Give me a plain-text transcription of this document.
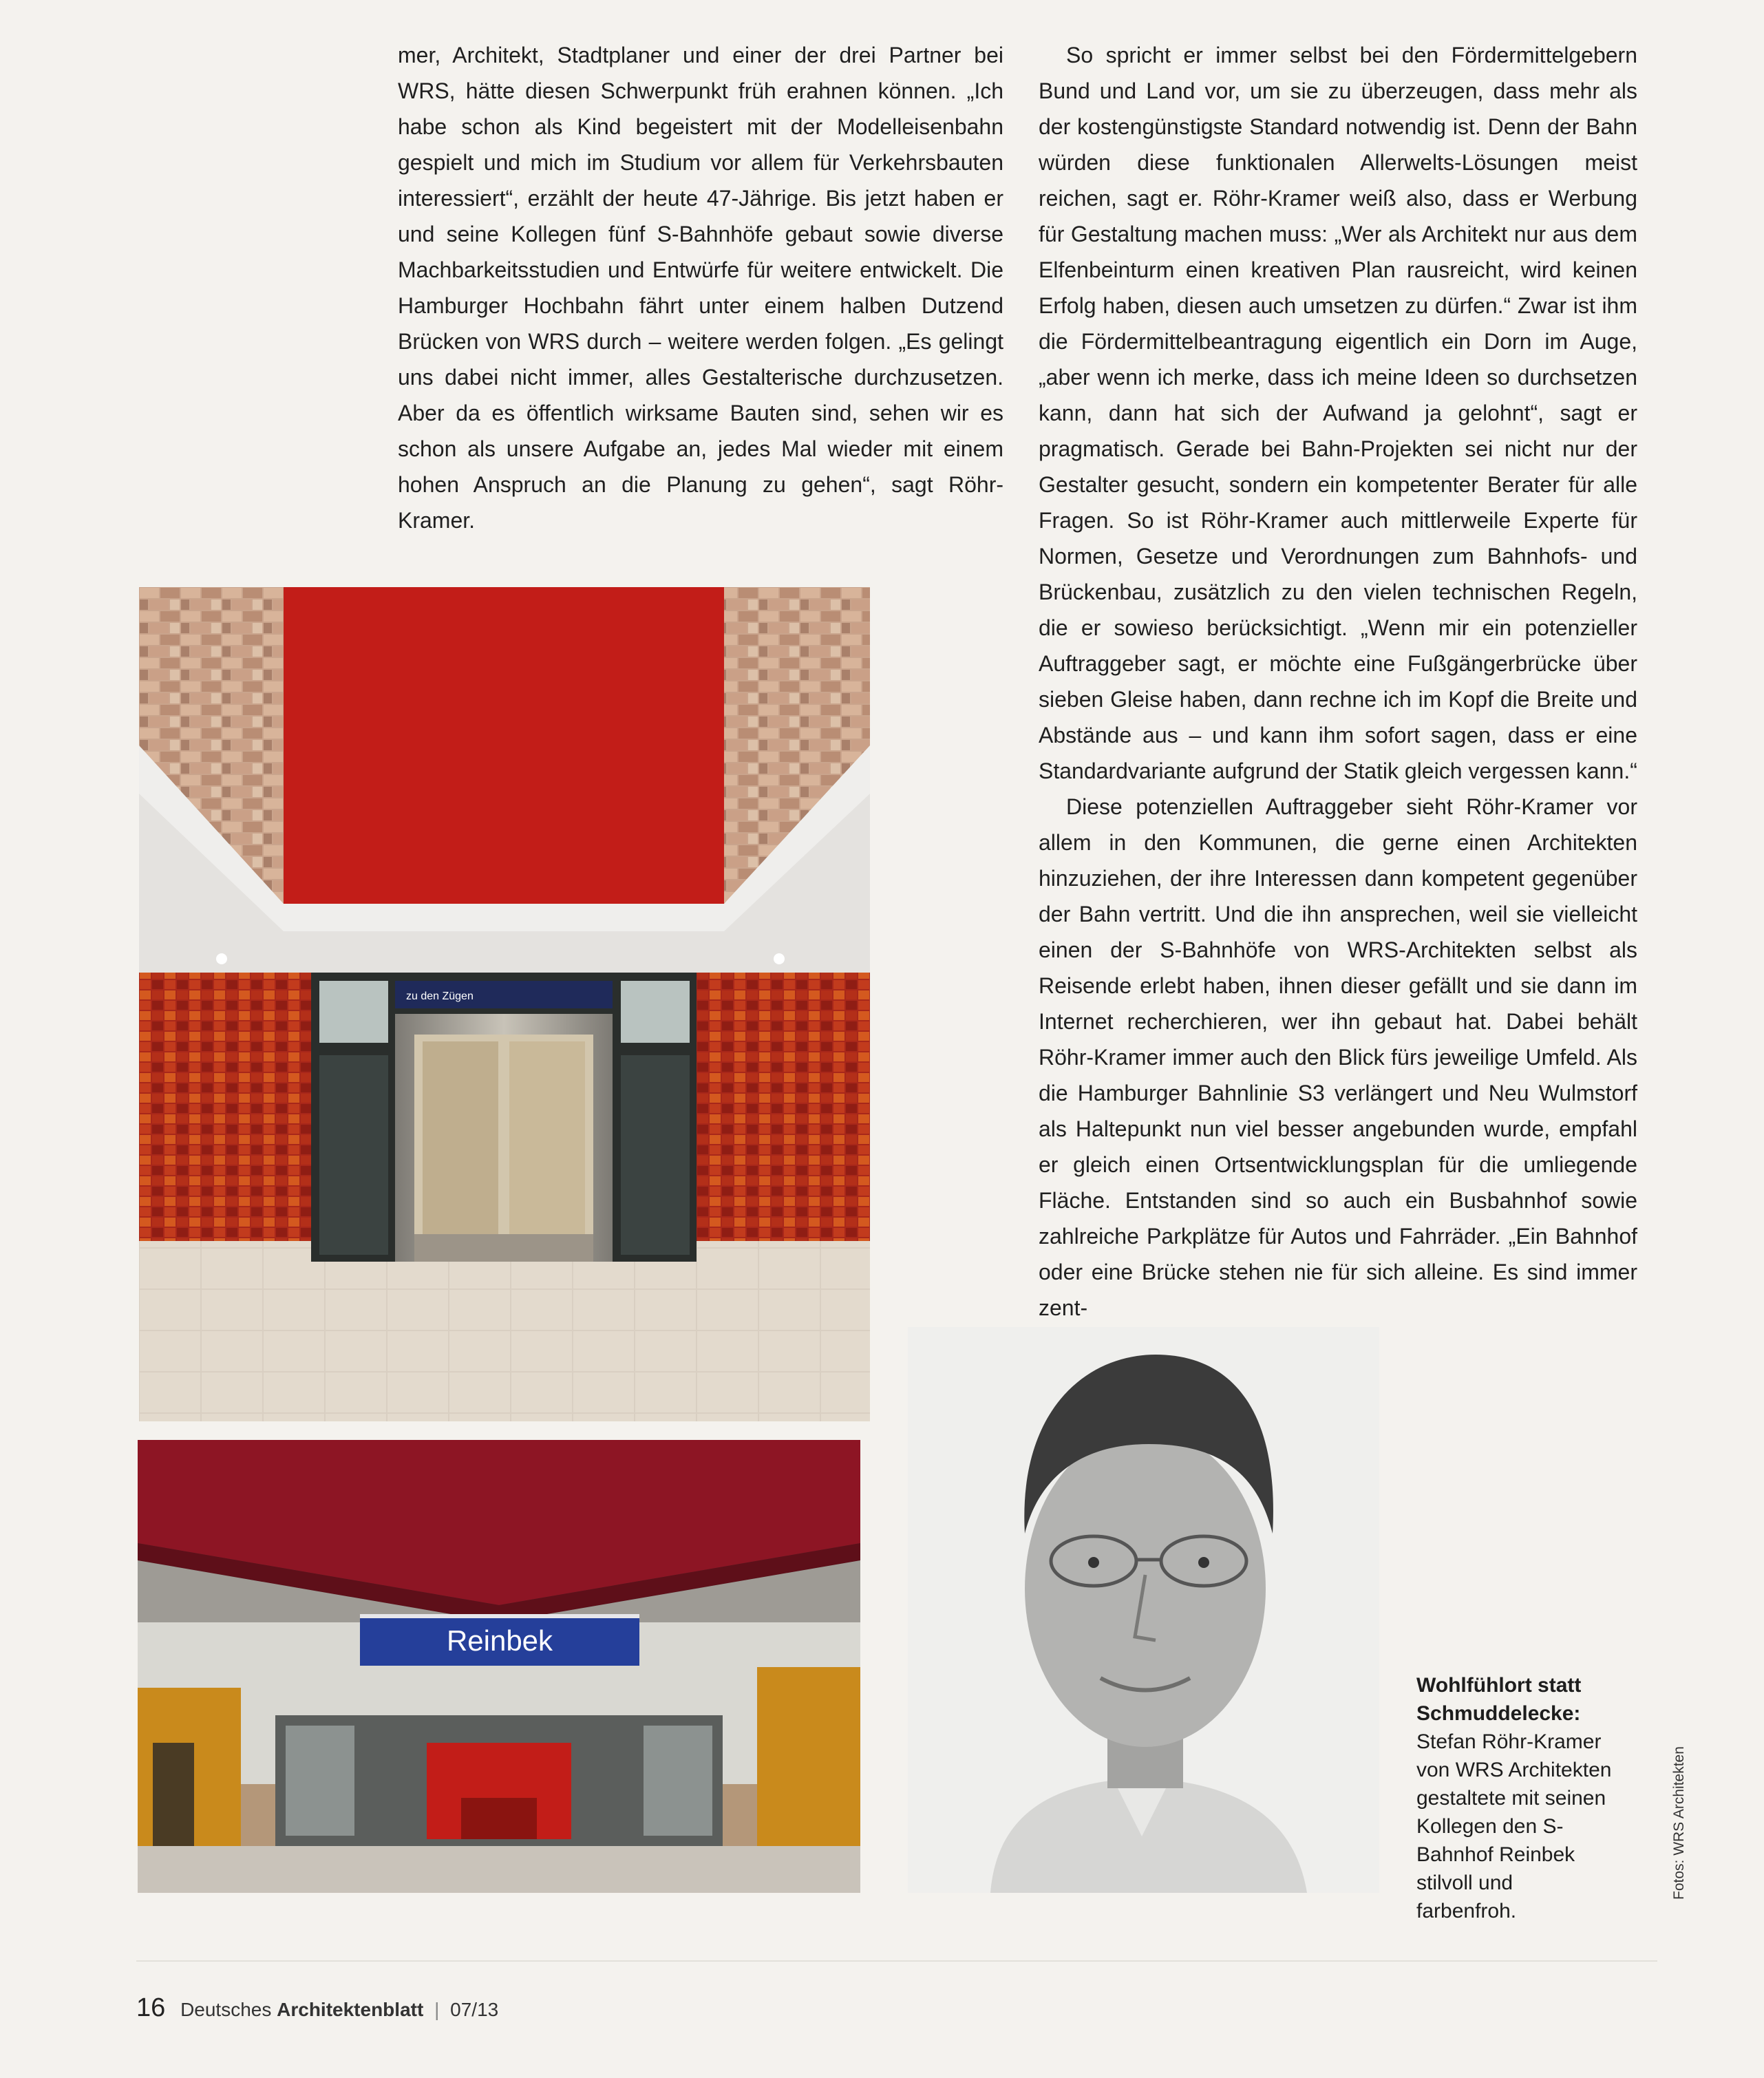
mer, Architekt, Stadtplaner und einer der drei Partner bei WRS, hätte diesen Schwerpunkt früh erahnen können. „Ich habe schon als Kind begeistert mit der Modelleisenbahn gespielt und mich im Studium vor allem für Verkehrsbauten interessiert“, erzählt der heute 47-Jährige. Bis jetzt haben er und seine Kollegen fünf S-Bahnhöfe gebaut sowie diverse Machbarkeitsstudien und Entwürfe für weitere entwickelt. Die Hamburger Hochbahn fährt unter einem halben Dutzend Brücken von WRS durch – weitere werden folgen. „Es gelingt uns dabei nicht immer, alles Gestalterische durchzusetzen. Aber da es öffentlich wirksame Bauten sind, sehen wir es schon als unsere Aufgabe an, jedes Mal wieder mit einem hohen Anspruch an die Planung zu gehen“, sagt Röhr-Kramer.

So spricht er immer selbst bei den Fördermittelgebern Bund und Land vor, um sie zu überzeugen, dass mehr als der kostengünstigste Standard notwendig ist. Denn der Bahn würden diese funktionalen Allerwelts-Lösungen meist reichen, sagt er. Röhr-Kramer weiß also, dass er Werbung für Gestaltung machen muss: „Wer als Architekt nur aus dem Elfenbeinturm einen kreativen Plan rausreicht, wird keinen Erfolg haben, diesen auch umsetzen zu dürfen.“ Zwar ist ihm die Fördermittelbeantragung eigentlich ein Dorn im Auge, „aber wenn ich merke, dass ich meine Ideen so durchsetzen kann, dann hat sich der Aufwand ja gelohnt“, sagt er pragmatisch. Gerade bei Bahn-Projekten sei nicht nur der Gestalter gesucht, sondern ein kompetenter Berater für alle Fragen. So ist Röhr-Kramer auch mittlerweile Experte für Normen, Gesetze und Verordnungen zum Bahnhofs- und Brückenbau, zusätzlich zu den vielen technischen Regeln, die er sowieso berücksichtigt. „Wenn mir ein potenzieller Auftraggeber sagt, er möchte eine Fußgängerbrücke über sieben Gleise haben, dann rechne ich im Kopf die Breite und Abstände aus – und kann ihm sofort sagen, dass er eine Standardvariante aufgrund der Statik gleich vergessen kann.“

Diese potenziellen Auftraggeber sieht Röhr-Kramer vor allem in den Kommunen, die gerne einen Architekten hinzuziehen, der ihre Interessen dann kompetent gegenüber der Bahn vertritt. Und die ihn ansprechen, weil sie vielleicht einen der S-Bahnhöfe von WRS-Architekten selbst als Reisende erlebt haben, ihnen dieser gefällt und sie dann im Internet recherchieren, wer ihn gebaut hat. Dabei behält Röhr-Kramer immer auch den Blick fürs jeweilige Umfeld. Als die Hamburger Bahnlinie S3 verlängert und Neu Wulmstorf als Haltepunkt nun viel besser angebunden wurde, empfahl er gleich einen Ortsentwicklungsplan für die umliegende Fläche. Entstanden sind so auch ein Busbahnhof sowie zahlreiche Parkplätze für Autos und Fahrräder. „Ein Bahnhof oder eine Brücke stehen nie für sich alleine. Es sind immer zent-

zu den Zügen
Reinbek
Wohlfühlort statt Schmuddelecke:
Stefan Röhr-Kramer von WRS Architekten gestaltete mit seinen Kollegen den S-Bahnhof Reinbek stilvoll und farbenfroh.
Fotos: WRS Architekten
16 Deutsches Architektenblatt | 07/13
